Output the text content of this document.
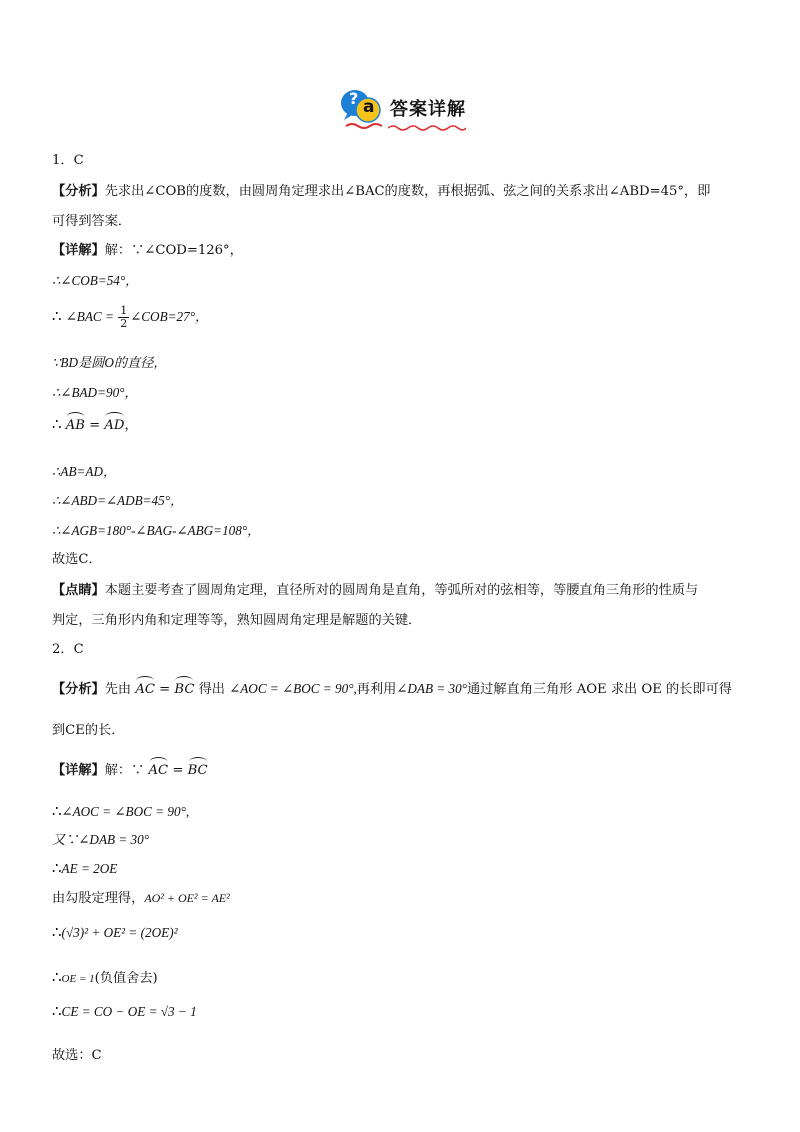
? a 答案详解
1．C
【分析】先求出∠COB的度数，由圆周角定理求出∠BAC的度数，再根据弧、弦之间的关系求出∠ABD=45°，即
可得到答案．
【详解】解：∵∠COD=126°，
∴∠COB=54°，
∴ ∠BAC = $\frac{1}{2}$ ∠COB=27°，
∵BD是圆O的直径，
∴∠BAD=90°，
∴ AB = AD，
∴AB=AD，
∴∠ABD=∠ADB=45°，
∴∠AGB=180°-∠BAG-∠ABG=108°，
故选C．
【点睛】本题主要考查了圆周角定理，直径所对的圆周角是直角，等弧所对的弦相等，等腰直角三角形的性质与
判定，三角形内角和定理等等，熟知圆周角定理是解题的关键．
2．C
【分析】先由 AC = BC 得出 ∠AOC = ∠BOC = 90°,再利用∠DAB = 30°通过解直角三角形 AOE 求出 OE 的长即可得
到CE的长．
【详解】解：∵ AC = BC
∴∠AOC = ∠BOC = 90°,
又∵∠DAB = 30°
∴AE = 2OE
由勾股定理得，AO² + OE² = AE²
∴(√3)² + OE² = (2OE)²
∴OE = 1(负值舍去)
∴CE = CO − OE = √3 − 1
故选：C
